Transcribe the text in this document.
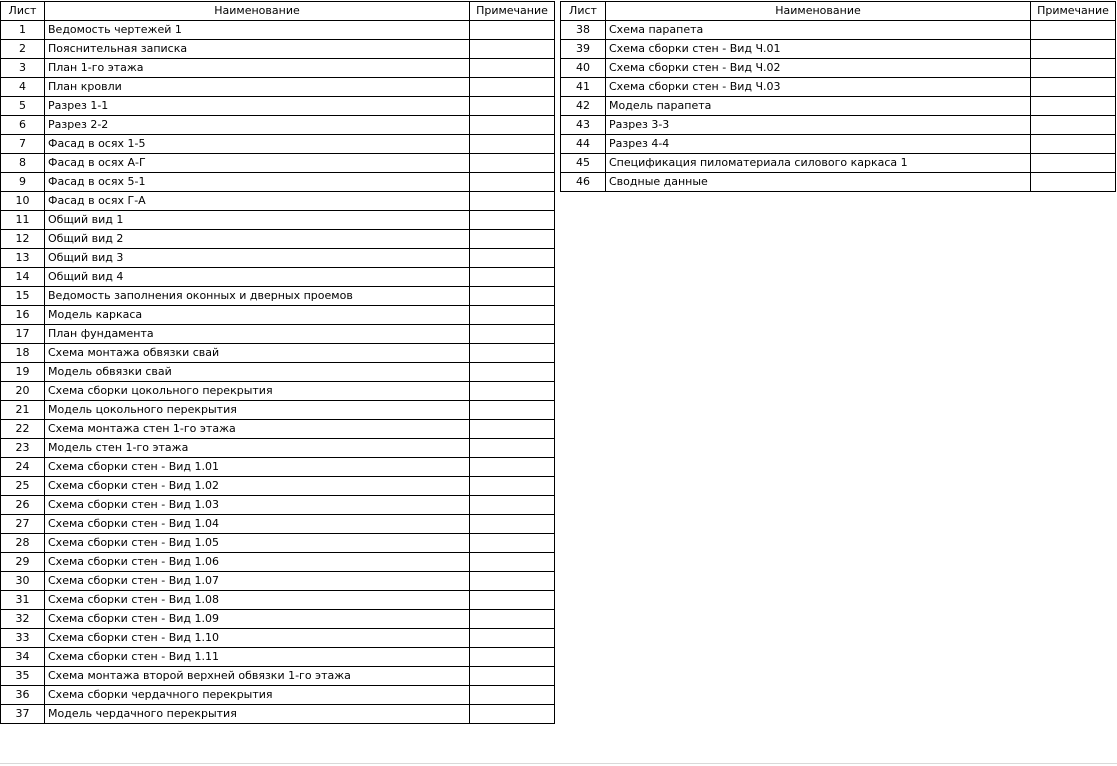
Лист	Наименование	Примечание
1	Ведомость чертежей 1	
2	Пояснительная записка	
3	План 1-го этажа	
4	План кровли	
5	Разрез 1-1	
6	Разрез 2-2	
7	Фасад в осях 1-5	
8	Фасад в осях А-Г	
9	Фасад в осях 5-1	
10	Фасад в осях Г-А	
11	Общий вид 1	
12	Общий вид 2	
13	Общий вид 3	
14	Общий вид 4	
15	Ведомость заполнения оконных и дверных проемов	
16	Модель каркаса	
17	План фундамента	
18	Схема монтажа обвязки свай	
19	Модель обвязки свай	
20	Схема сборки цокольного перекрытия	
21	Модель цокольного перекрытия	
22	Схема монтажа стен 1-го этажа	
23	Модель стен 1-го этажа	
24	Схема сборки стен - Вид 1.01	
25	Схема сборки стен - Вид 1.02	
26	Схема сборки стен - Вид 1.03	
27	Схема сборки стен - Вид 1.04	
28	Схема сборки стен - Вид 1.05	
29	Схема сборки стен - Вид 1.06	
30	Схема сборки стен - Вид 1.07	
31	Схема сборки стен - Вид 1.08	
32	Схема сборки стен - Вид 1.09	
33	Схема сборки стен - Вид 1.10	
34	Схема сборки стен - Вид 1.11	
35	Схема монтажа второй верхней обвязки 1-го этажа	
36	Схема сборки чердачного перекрытия	
37	Модель чердачного перекрытия	
Лист	Наименование	Примечание
38	Схема парапета	
39	Схема сборки стен - Вид Ч.01	
40	Схема сборки стен - Вид Ч.02	
41	Схема сборки стен - Вид Ч.03	
42	Модель парапета	
43	Разрез 3-3	
44	Разрез 4-4	
45	Спецификация пиломатериала силового каркаса 1	
46	Сводные данные	
